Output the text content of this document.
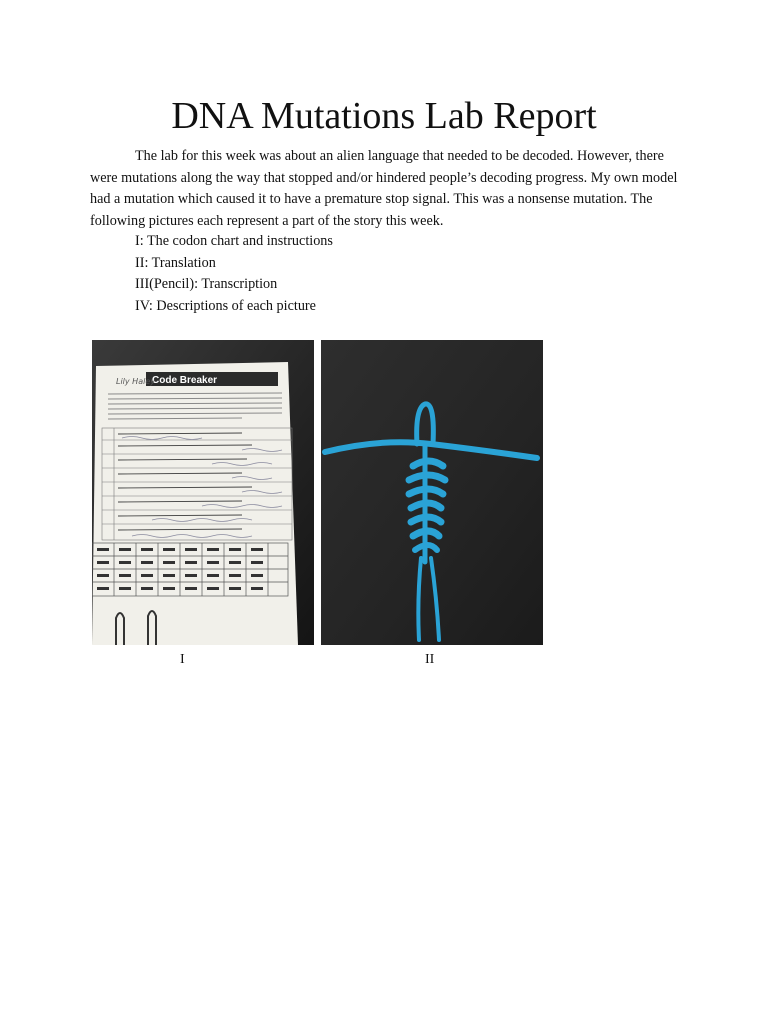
DNA Mutations Lab Report

The lab for this week was about an alien language that needed to be decoded. However, there were mutations along the way that stopped and/or hindered people’s decoding progress. My own model had a mutation which caused it to have a premature stop signal. This was a nonsense mutation. The following pictures each represent a part of the story this week.

I: The codon chart and instructions
II: Translation
III(Pencil): Transcription
IV: Descriptions of each picture
Code Breaker
Lily Haley
I	II
